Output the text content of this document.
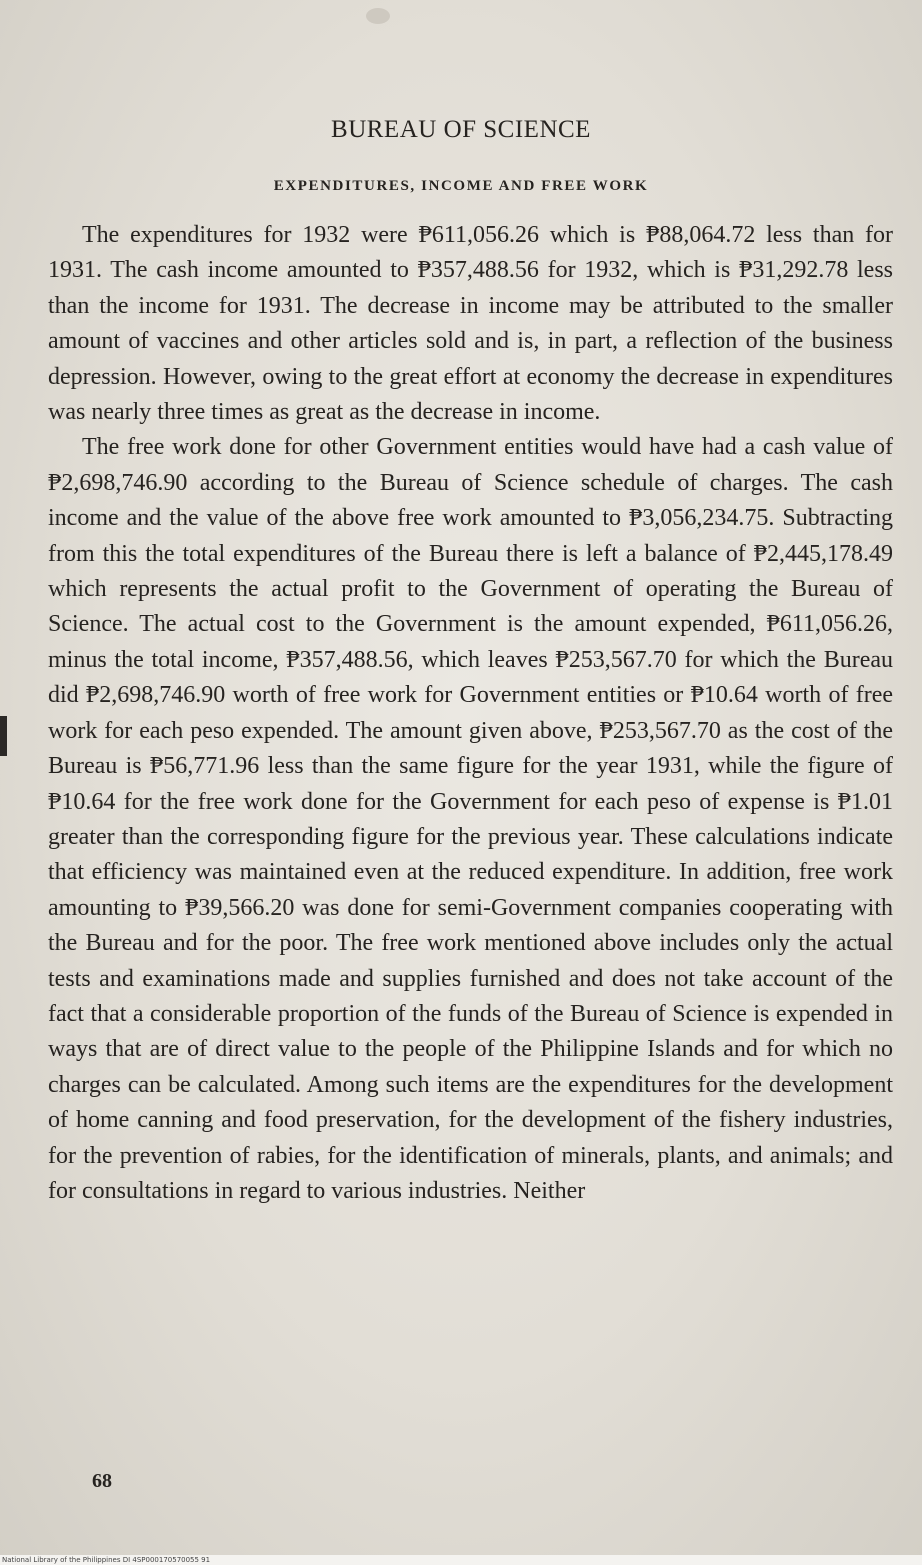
BUREAU OF SCIENCE
EXPENDITURES, INCOME AND FREE WORK

The expenditures for 1932 were ₱611,056.26 which is ₱88,064.72 less than for 1931. The cash income amounted to ₱357,488.56 for 1932, which is ₱31,292.78 less than the income for 1931. The decrease in income may be attributed to the smaller amount of vaccines and other articles sold and is, in part, a reflection of the business depression. However, owing to the great effort at economy the decrease in expenditures was nearly three times as great as the decrease in income.

The free work done for other Government entities would have had a cash value of ₱2,698,746.90 according to the Bureau of Science schedule of charges. The cash income and the value of the above free work amounted to ₱3,056,234.75. Subtracting from this the total expenditures of the Bureau there is left a balance of ₱2,445,178.49 which represents the actual profit to the Government of operating the Bureau of Science. The actual cost to the Government is the amount expended, ₱611,056.26, minus the total income, ₱357,488.56, which leaves ₱253,567.70 for which the Bureau did ₱2,698,746.90 worth of free work for Government entities or ₱10.64 worth of free work for each peso expended. The amount given above, ₱253,567.70 as the cost of the Bureau is ₱56,771.96 less than the same figure for the year 1931, while the figure of ₱10.64 for the free work done for the Government for each peso of expense is ₱1.01 greater than the corresponding figure for the previous year. These calculations indicate that efficiency was maintained even at the reduced expenditure. In addition, free work amounting to ₱39,566.20 was done for semi-Government companies cooperating with the Bureau and for the poor. The free work mentioned above includes only the actual tests and examinations made and supplies furnished and does not take account of the fact that a considerable proportion of the funds of the Bureau of Science is expended in ways that are of direct value to the people of the Philippine Islands and for which no charges can be calculated. Among such items are the expenditures for the development of home canning and food preservation, for the development of the fishery industries, for the prevention of rabies, for the identification of minerals, plants, and animals; and for consultations in regard to various industries. Neither

68
National Library of the Philippines DI 4SP000170570055 91
